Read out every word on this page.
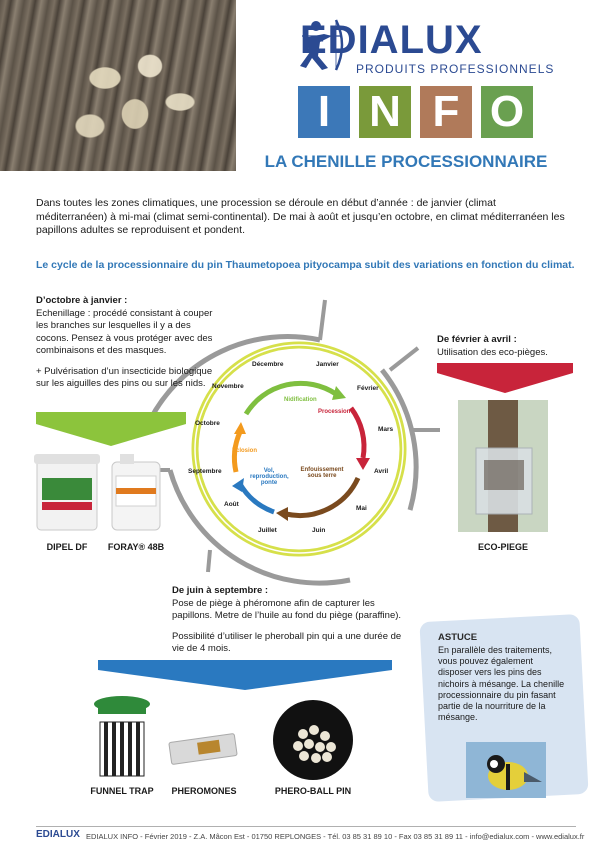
EDIALUX
PRODUITS PROFESSIONNELS
I N F O
LA CHENILLE PROCESSIONNAIRE
Dans toutes les zones climatiques, une procession se déroule en début d’année : de janvier (climat méditerranéen) à mi-mai (climat semi-continental). De mai à août et jusqu’en octobre, en climat méditerranéen les papillons adultes se reproduisent et pondent.
Le cycle de la processionnaire du pin Thaumetopoea pityocampa subit des variations en fonction du climat.
Janvier
Février
Mars
Avril
Mai
Juin
Juillet
Août
Septembre
Octobre
Novembre
Décembre
Nidification
Procession
Enfouissement sous terre
Vol, reproduction, ponte
Eclosion
D’octobre à janvier :
Echenillage : procédé consistant à couper les branches sur lesquelles il y a des cocons. Pensez à vous protéger avec des combinaisons et des masques.
+ Pulvérisation d’un insecticide biologique sur les aiguilles des pins ou sur les nids.
DIPEL DF	FORAY® 48B
De février à avril :
Utilisation des eco-pièges.
ECO-PIEGE
De juin à septembre :
Pose de piège à phéromone afin de capturer les papillons. Metre de l’huile au fond du piège (paraffine).
Possibilité d’utiliser le pheroball pin qui a une durée de vie de 4 mois.
FUNNEL TRAP	PHEROMONES	PHERO-BALL PIN
ASTUCE
En parallèle des traitements, vous pouvez également disposer vers les pins des nichoirs à mésange. La chenille processionnaire du pin fasant partie de la nourriture de la mésange.
EDIALUX EDIALUX INFO - Février 2019 - Z.A. Mâcon Est - 01750 REPLONGES - Tél. 03 85 31 89 10 - Fax 03 85 31 89 11 - info@edialux.com - www.edialux.fr
